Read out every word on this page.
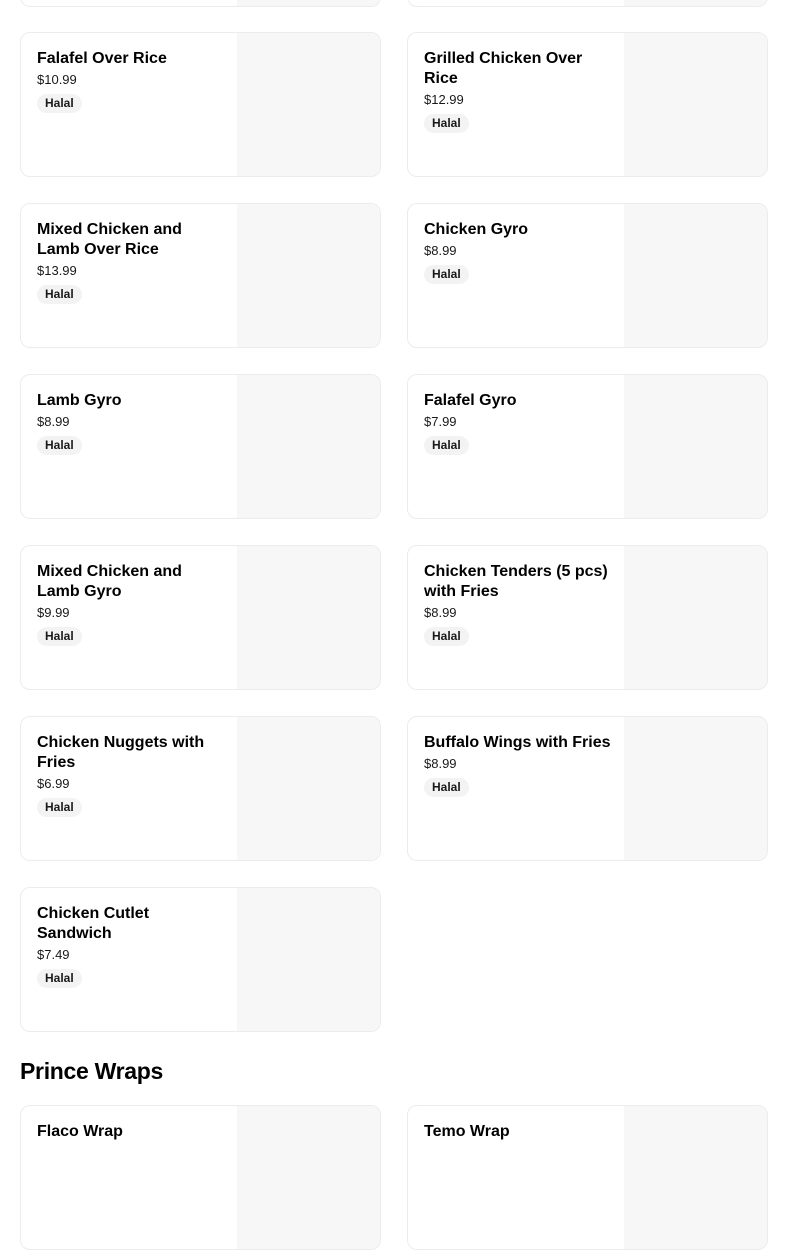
Falafel Over Rice

$10.99
Halal

Grilled Chicken Over Rice

$12.99
Halal

Mixed Chicken and Lamb Over Rice

$13.99
Halal

Chicken Gyro

$8.99
Halal

Lamb Gyro

$8.99
Halal

Falafel Gyro

$7.99
Halal

Mixed Chicken and Lamb Gyro

$9.99
Halal

Chicken Tenders (5 pcs) with Fries

$8.99
Halal

Chicken Nuggets with Fries

$6.99
Halal

Buffalo Wings with Fries

$8.99
Halal

Chicken Cutlet Sandwich

$7.49
Halal
Prince Wraps

Flaco Wrap	Temo Wrap
